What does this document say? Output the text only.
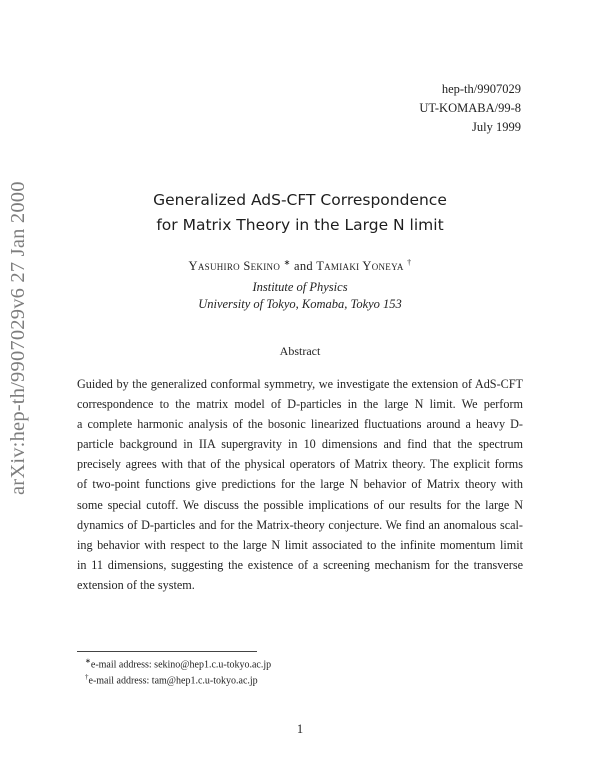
arXiv:hep-th/9907029v6 27 Jan 2000
hep-th/9907029
UT-KOMABA/99-8
July 1999
Generalized AdS-CFT Correspondence
for Matrix Theory in the Large N limit
Yasuhiro Sekino ∗ and Tamiaki Yoneya †
Institute of Physics
University of Tokyo, Komaba, Tokyo 153
Abstract
Guided by the generalized conformal symmetry, we investigate the extension of AdS-CFT
correspondence to the matrix model of D-particles in the large N limit. We perform
a complete harmonic analysis of the bosonic linearized fluctuations around a heavy D-
particle background in IIA supergravity in 10 dimensions and find that the spectrum
precisely agrees with that of the physical operators of Matrix theory. The explicit forms
of two-point functions give predictions for the large N behavior of Matrix theory with
some special cutoff. We discuss the possible implications of our results for the large N
dynamics of D-particles and for the Matrix-theory conjecture. We find an anomalous scal-
ing behavior with respect to the large N limit associated to the infinite momentum limit
in 11 dimensions, suggesting the existence of a screening mechanism for the transverse
extension of the system.
∗e-mail address: sekino@hep1.c.u-tokyo.ac.jp
†e-mail address: tam@hep1.c.u-tokyo.ac.jp
1
